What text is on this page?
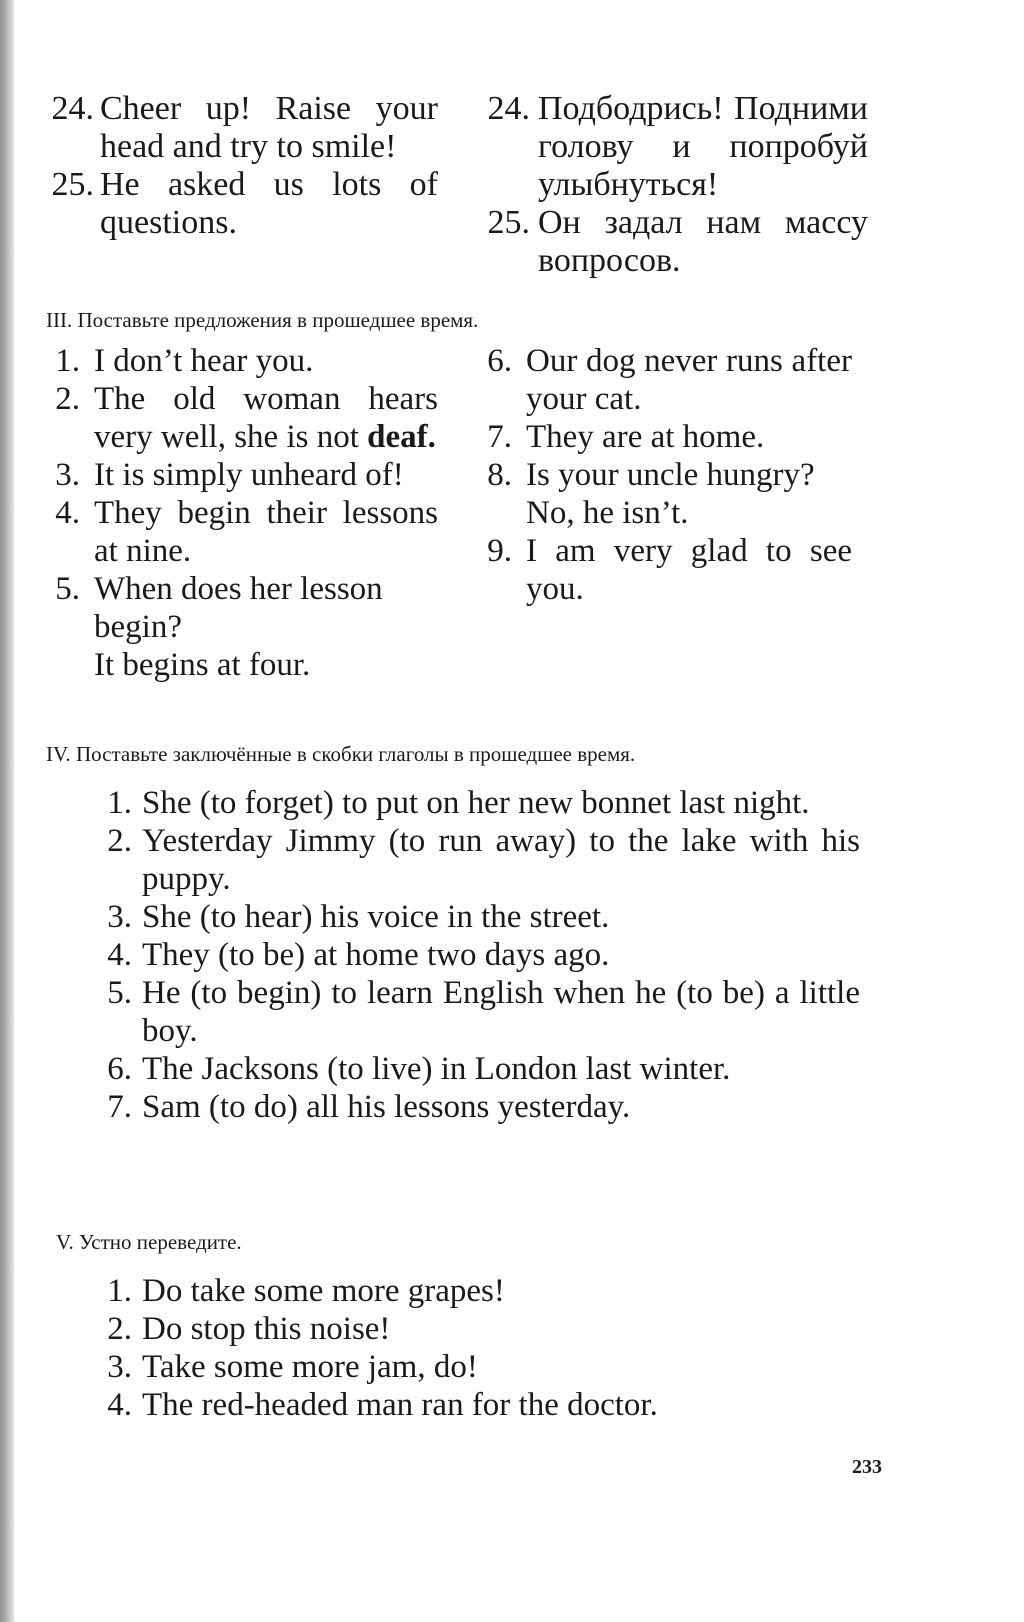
24. Cheer up! Raise your head and try to smile!
25. He asked us lots of questions.
24. Подбодрись! Подними голову и попробуй улыбнуться!
25. Он задал нам массу вопросов.
III. Поставьте предложения в прошедшее время.
1. I don’t hear you.
2. The old woman hears very well, she is not deaf.
3. It is simply unheard of!
4. They begin their lessons at nine.
5. When does her lesson begin?
It begins at four.
6. Our dog never runs after your cat.
7. They are at home.
8. Is your uncle hungry?
No, he isn’t.
9. I am very glad to see you.
IV. Поставьте заключённые в скобки глаголы в прошедшее время.
1. She (to forget) to put on her new bonnet last night.
2. Yesterday Jimmy (to run away) to the lake with his puppy.
3. She (to hear) his voice in the street.
4. They (to be) at home two days ago.
5. He (to begin) to learn English when he (to be) a little boy.
6. The Jacksons (to live) in London last winter.
7. Sam (to do) all his lessons yesterday.
V. Устно переведите.
1. Do take some more grapes!
2. Do stop this noise!
3. Take some more jam, do!
4. The red-headed man ran for the doctor.
233
